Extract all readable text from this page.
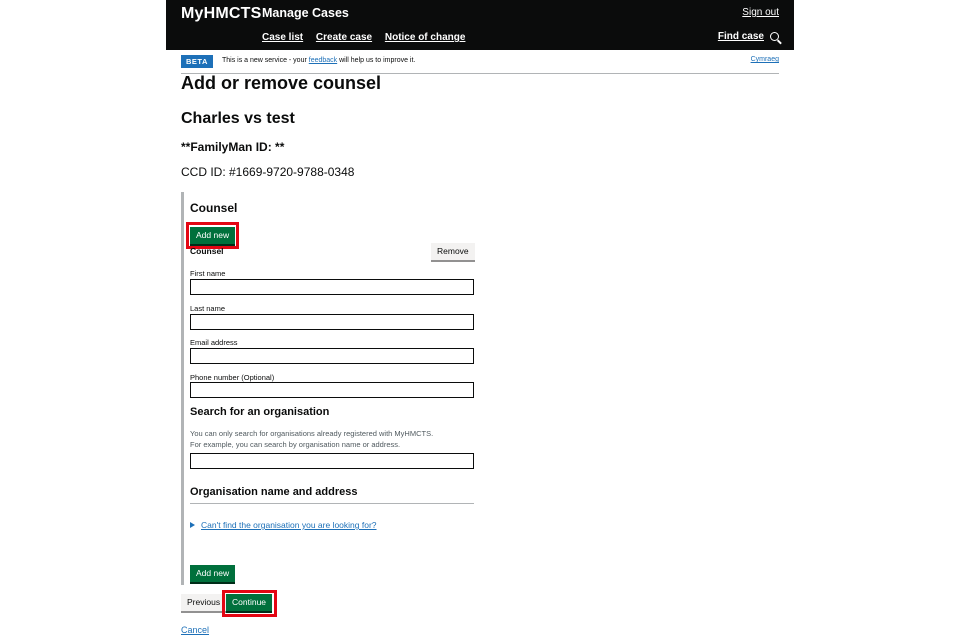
MyHMCTS Manage Cases	Sign out
Case list Create case Notice of change	Find case
BETA	This is a new service - your feedback will help us to improve it.	Cymraeg
Add or remove counsel
Charles vs test
**FamilyMan ID: **
CCD ID: #1669-9720-9788-0348
Counsel
Add new
Counsel	Remove
First name
Last name
Email address
Phone number (Optional)
Search for an organisation
You can only search for organisations already registered with MyHMCTS.
For example, you can search by organisation name or address.
Organisation name and address
Can't find the organisation you are looking for?
Add new
Previous	Continue
Cancel
